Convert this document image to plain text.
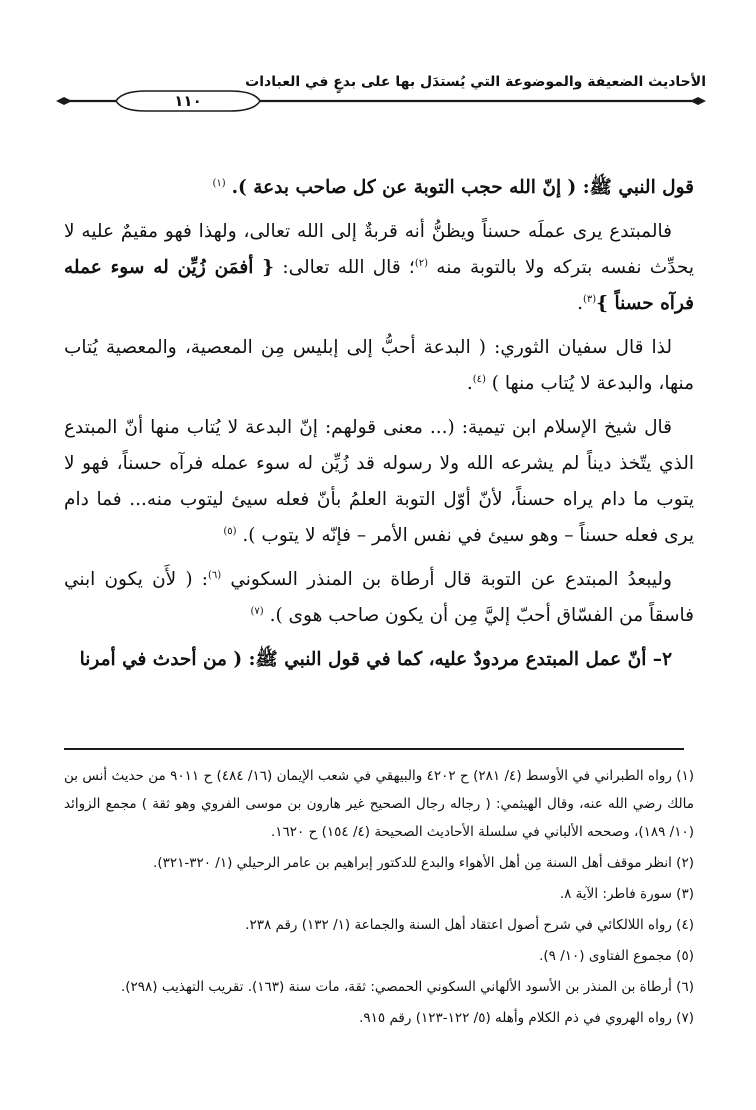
الأحاديث الضعيفة والموضوعة التي يُستدَل بها على بدعٍ في العبادات
١١٠

قول النبي ﷺ: ( إنّ الله حجب التوبة عن كل صاحب بدعة ). $^{(١)}$

فالمبتدع يرى عملَه حسناً ويظنُّ أنه قربةٌ إلى الله تعالى، ولهذا فهو مقيمٌ عليه لا يحدِّث نفسه بتركه ولا بالتوبة منه $^{(٢)}$؛ قال الله تعالى: { أفمَن زُيِّن له سوء عمله فرآه حسناً }$^{(٣)}$.

لذا قال سفيان الثوري: ( البدعة أحبُّ إلى إبليس مِن المعصية، والمعصية يُتاب منها، والبدعة لا يُتاب منها ) $^{(٤)}$.

قال شيخ الإسلام ابن تيمية: (... معنى قولهم: إنّ البدعة لا يُتاب منها أنّ المبتدع الذي يتّخذ ديناً لم يشرعه الله ولا رسوله قد زُيِّن له سوء عمله فرآه حسناً، فهو لا يتوب ما دام يراه حسناً، لأنّ أوّل التوبة العلمُ بأنّ فعله سيئ ليتوب منه... فما دام يرى فعله حسناً – وهو سيئ في نفس الأمر – فإنّه لا يتوب ). $^{(٥)}$

وليبعدُ المبتدع عن التوبة قال أرطاة بن المنذر السكوني $^{(٦)}$: ( لأَن يكون ابني فاسقاً من الفسّاق أحبّ إليَّ مِن أن يكون صاحب هوى ). $^{(٧)}$

٢– أنّ عمل المبتدع مردودٌ عليه، كما في قول النبي ﷺ: ( من أحدث في أمرنا

(١) رواه الطبراني في الأوسط (٤/ ٢٨١) ح ٤٢٠٢ والبيهقي في شعب الإيمان (١٦/ ٤٨٤) ح ٩٠١١ من حديث أنس بن مالك رضي الله عنه، وقال الهيثمي: ( رجاله رجال الصحيح غير هارون بن موسى الفروي وهو ثقة ) مجمع الزوائد (١٠/ ١٨٩)، وصححه الألباني في سلسلة الأحاديث الصحيحة (٤/ ١٥٤) ح ١٦٢٠.

(٢) انظر موقف أهل السنة مِن أهل الأهواء والبدع للدكتور إبراهيم بن عامر الرحيلي (١/ ٣٢٠-٣٢١).

(٣) سورة فاطر: الآية ٨.

(٤) رواه اللالكائي في شرح أصول اعتقاد أهل السنة والجماعة (١/ ١٣٢) رقم ٢٣٨.

(٥) مجموع الفتاوى (١٠/ ٩).

(٦) أرطاة بن المنذر بن الأسود الألهاني السكوني الحمصي: ثقة، مات سنة (١٦٣). تقريب التهذيب (٢٩٨).

(٧) رواه الهروي في ذم الكلام وأهله (٥/ ١٢٢-١٢٣) رقم ٩١٥.
